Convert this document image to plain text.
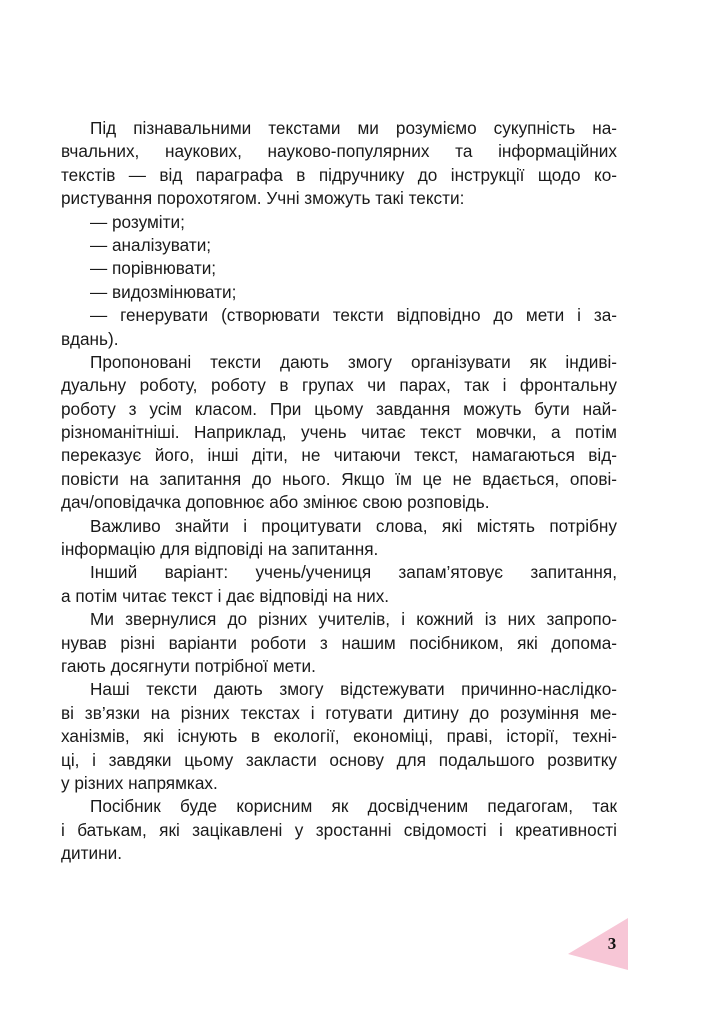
Під пізнавальними текстами ми розуміємо сукупність на-
вчальних, наукових, науково-популярних та інформаційних
текстів — від параграфа в підручнику до інструкції щодо ко-
ристування порохотягом. Учні зможуть такі тексти:
— розуміти;
— аналізувати;
— порівнювати;
— видозмінювати;
— генерувати (створювати тексти відповідно до мети і за-
вдань).
Пропоновані тексти дають змогу організувати як індиві-
дуальну роботу, роботу в групах чи парах, так і фронтальну
роботу з усім класом. При цьому завдання можуть бути най-
різноманітніші. Наприклад, учень читає текст мовчки, а потім
переказує його, інші діти, не читаючи текст, намагаються від-
повісти на запитання до нього. Якщо їм це не вдається, опові-
дач/оповідачка доповнює або змінює свою розповідь.
Важливо знайти і процитувати слова, які містять потрібну
інформацію для відповіді на запитання.
Інший варіант: учень/учениця запам’ятовує запитання,
а потім читає текст і дає відповіді на них.
Ми звернулися до різних учителів, і кожний із них запропо-
нував різні варіанти роботи з нашим посібником, які допома-
гають досягнути потрібної мети.
Наші тексти дають змогу відстежувати причинно-наслідко-
ві зв’язки на різних текстах і готувати дитину до розуміння ме-
ханізмів, які існують в екології, економіці, праві, історії, техні-
ці, і завдяки цьому закласти основу для подальшого розвитку
у різних напрямках.
Посібник буде корисним як досвідченим педагогам, так
і батькам, які зацікавлені у зростанні свідомості і креативності
дитини.
3
